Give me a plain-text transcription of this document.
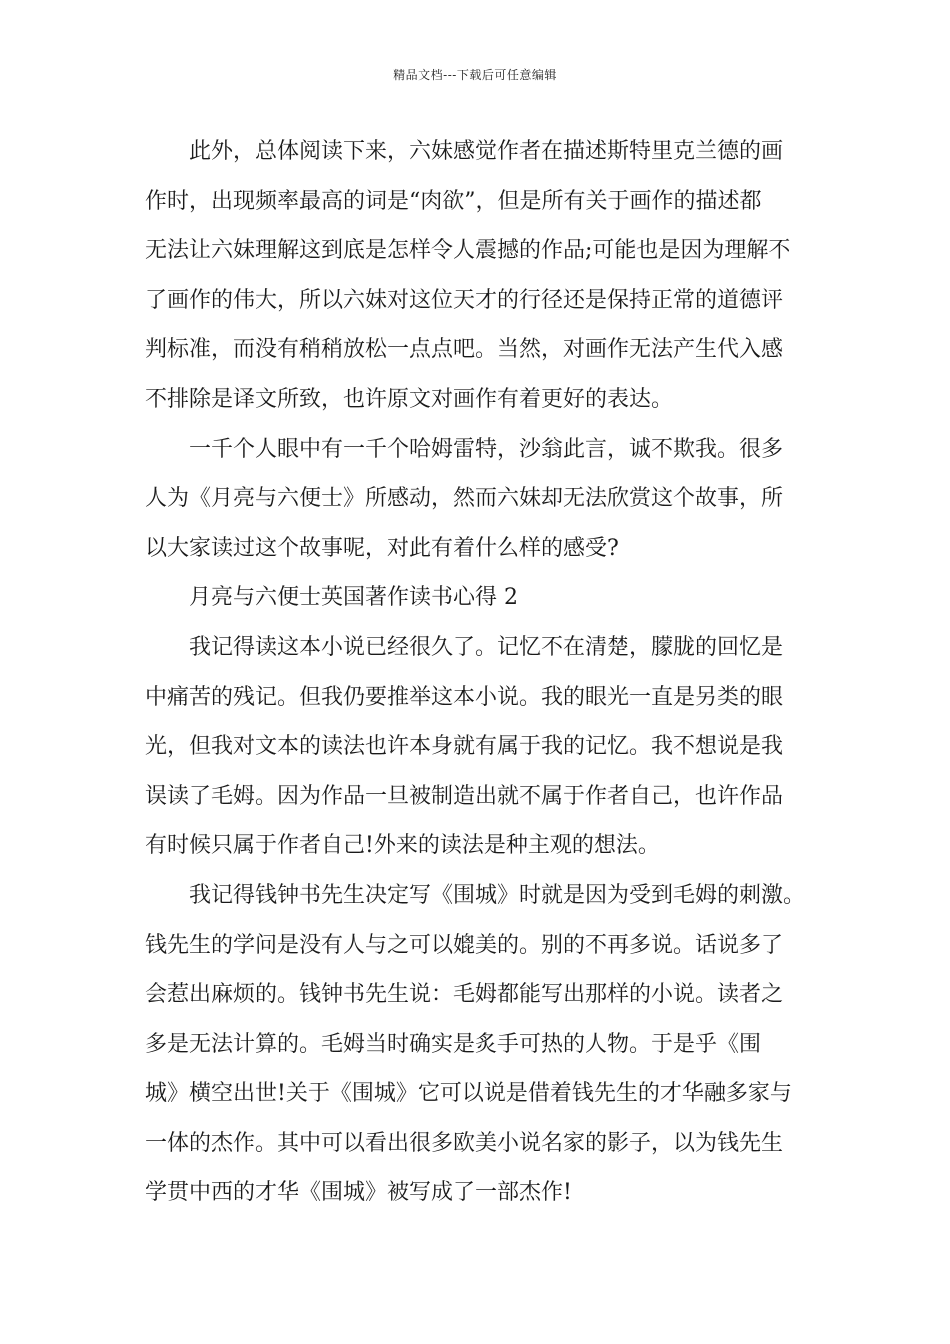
精品文档---下载后可任意编辑
此外，总体阅读下来，六妹感觉作者在描述斯特里克兰德的画
作时，出现频率最高的词是“肉欲”，但是所有关于画作的描述都
无法让六妹理解这到底是怎样令人震撼的作品;可能也是因为理解不
了画作的伟大，所以六妹对这位天才的行径还是保持正常的道德评
判标准，而没有稍稍放松一点点吧。当然，对画作无法产生代入感
不排除是译文所致，也许原文对画作有着更好的表达。
一千个人眼中有一千个哈姆雷特，沙翁此言，诚不欺我。很多
人为《月亮与六便士》所感动，然而六妹却无法欣赏这个故事，所
以大家读过这个故事呢，对此有着什么样的感受?
月亮与六便士英国著作读书心得 2
我记得读这本小说已经很久了。记忆不在清楚，朦胧的回忆是
中痛苦的残记。但我仍要推举这本小说。我的眼光一直是另类的眼
光，但我对文本的读法也许本身就有属于我的记忆。我不想说是我
误读了毛姆。因为作品一旦被制造出就不属于作者自己，也许作品
有时候只属于作者自己!外来的读法是种主观的想法。
我记得钱钟书先生决定写《围城》时就是因为受到毛姆的刺激。
钱先生的学问是没有人与之可以媲美的。别的不再多说。话说多了
会惹出麻烦的。钱钟书先生说：毛姆都能写出那样的小说。读者之
多是无法计算的。毛姆当时确实是炙手可热的人物。于是乎《围
城》横空出世!关于《围城》它可以说是借着钱先生的才华融多家与
一体的杰作。其中可以看出很多欧美小说名家的影子，以为钱先生
学贯中西的才华《围城》被写成了一部杰作!
